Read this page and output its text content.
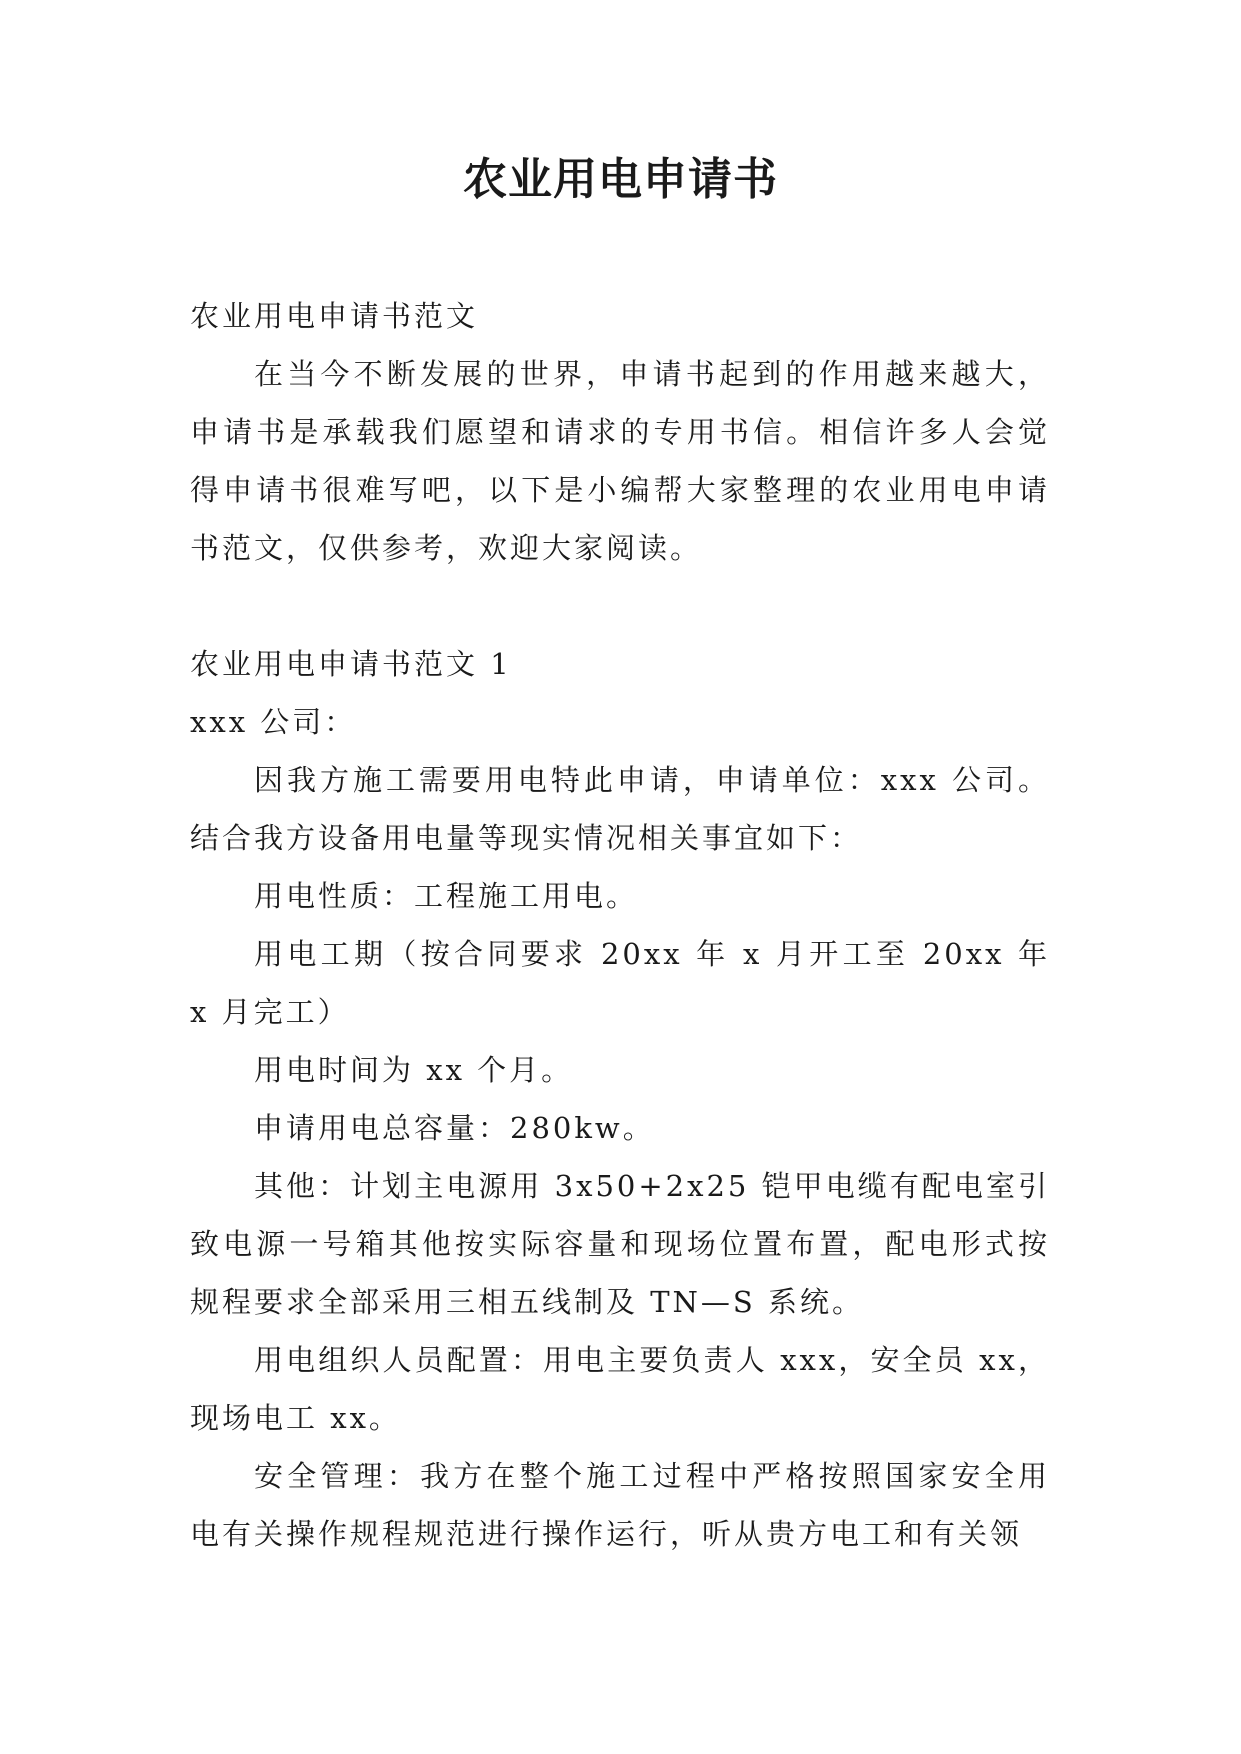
农业用电申请书

农业用电申请书范文

在当今不断发展的世界，申请书起到的作用越来越大，申请书是承载我们愿望和请求的专用书信。相信许多人会觉得申请书很难写吧，以下是小编帮大家整理的农业用电申请书范文，仅供参考，欢迎大家阅读。

农业用电申请书范文 1

xxx 公司：

因我方施工需要用电特此申请，申请单位：xxx 公司。结合我方设备用电量等现实情况相关事宜如下：

用电性质：工程施工用电。

用电工期（按合同要求 20xx 年 x 月开工至 20xx 年 x 月完工）

用电时间为 xx 个月。

申请用电总容量：280kw。

其他：计划主电源用 3x50+2x25 铠甲电缆有配电室引致电源一号箱其他按实际容量和现场位置布置，配电形式按规程要求全部采用三相五线制及 TN—S 系统。

用电组织人员配置：用电主要负责人 xxx，安全员 xx，现场电工 xx。

安全管理：我方在整个施工过程中严格按照国家安全用电有关操作规程规范进行操作运行，听从贵方电工和有关领
